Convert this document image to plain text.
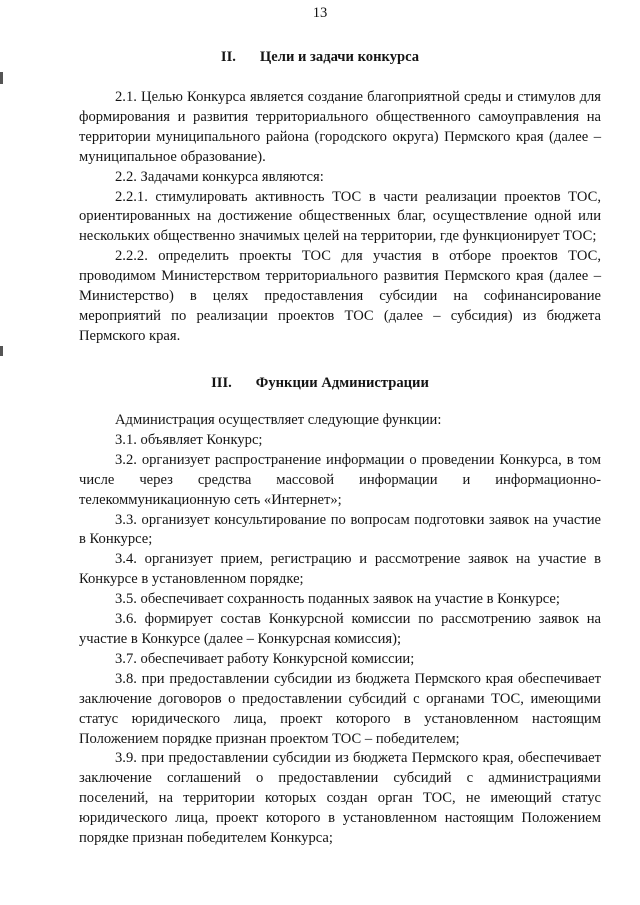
13
II. Цели и задачи конкурса

2.1. Целью Конкурса является создание благоприятной среды и стимулов для формирования и развития территориального общественного самоуправления на территории муниципального района (городского округа) Пермского края (далее – муниципальное образование).

2.2. Задачами конкурса являются:

2.2.1. стимулировать активность ТОС в части реализации проектов ТОС, ориентированных на достижение общественных благ, осуществление одной или нескольких общественно значимых целей на территории, где функционирует ТОС;

2.2.2. определить проекты ТОС для участия в отборе проектов ТОС, проводимом Министерством территориального развития Пермского края (далее – Министерство) в целях предоставления субсидии на софинансирование мероприятий по реализации проектов ТОС (далее – субсидия) из бюджета Пермского края.

III. Функции Администрации

Администрация осуществляет следующие функции:

3.1. объявляет Конкурс;

3.2. организует распространение информации о проведении Конкурса, в том числе через средства массовой информации и информационно-телекоммуникационную сеть «Интернет»;

3.3. организует консультирование по вопросам подготовки заявок на участие в Конкурсе;

3.4. организует прием, регистрацию и рассмотрение заявок на участие в Конкурсе в установленном порядке;

3.5. обеспечивает сохранность поданных заявок на участие в Конкурсе;

3.6. формирует состав Конкурсной комиссии по рассмотрению заявок на участие в Конкурсе (далее – Конкурсная комиссия);

3.7. обеспечивает работу Конкурсной комиссии;

3.8. при предоставлении субсидии из бюджета Пермского края обеспечивает заключение договоров о предоставлении субсидий с органами ТОС, имеющими статус юридического лица, проект которого в установленном настоящим Положением порядке признан проектом ТОС – победителем;

3.9. при предоставлении субсидии из бюджета Пермского края, обеспечивает заключение соглашений о предоставлении субсидий с администрациями поселений, на территории которых создан орган ТОС, не имеющий статус юридического лица, проект которого в установленном настоящим Положением порядке признан победителем Конкурса;
